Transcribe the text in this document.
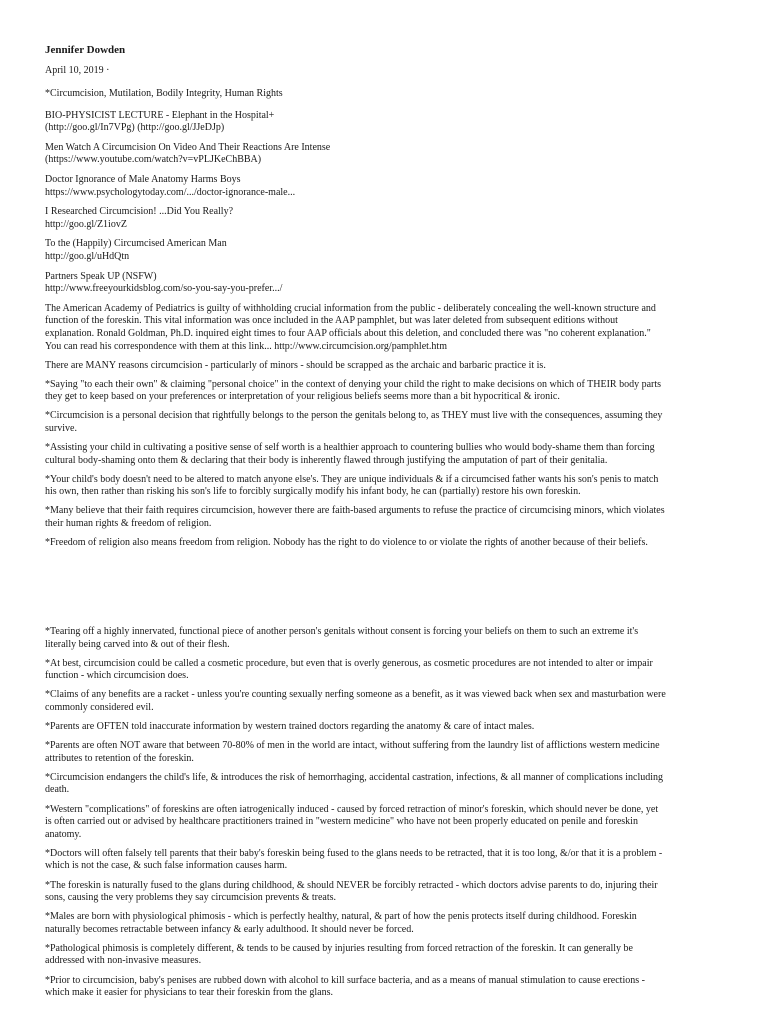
Jennifer Dowden
April 10, 2019 ·
*Circumcision, Mutilation, Bodily Integrity, Human Rights
BIO-PHYSICIST LECTURE - Elephant in the Hospital+
(http://goo.gl/In7VPg) (http://goo.gl/JJeDJp)
Men Watch A Circumcision On Video And Their Reactions Are Intense
(https://www.youtube.com/watch?v=vPLJKeChBBA)
Doctor Ignorance of Male Anatomy Harms Boys
https://www.psychologytoday.com/.../doctor-ignorance-male...
I Researched Circumcision! ...Did You Really?
http://goo.gl/Z1iovZ
To the (Happily) Circumcised American Man
http://goo.gl/uHdQtn
Partners Speak UP (NSFW)
http://www.freeyourkidsblog.com/so-you-say-you-prefer.../
The American Academy of Pediatrics is guilty of withholding crucial information from the public - deliberately concealing the well-known structure and
function of the foreskin. This vital information was once included in the AAP pamphlet, but was later deleted from subsequent editions without
explanation. Ronald Goldman, Ph.D. inquired eight times to four AAP officials about this deletion, and concluded there was "no coherent explanation."
You can read his correspondence with them at this link... http://www.circumcision.org/pamphlet.htm
There are MANY reasons circumcision - particularly of minors - should be scrapped as the archaic and barbaric practice it is.
*Saying "to each their own" & claiming "personal choice" in the context of denying your child the right to make decisions on which of THEIR body parts
they get to keep based on your preferences or interpretation of your religious beliefs seems more than a bit hypocritical & ironic.
*Circumcision is a personal decision that rightfully belongs to the person the genitals belong to, as THEY must live with the consequences, assuming they
survive.
*Assisting your child in cultivating a positive sense of self worth is a healthier approach to countering bullies who would body-shame them than forcing
cultural body-shaming onto them & declaring that their body is inherently flawed through justifying the amputation of part of their genitalia.
*Your child's body doesn't need to be altered to match anyone else's. They are unique individuals & if a circumcised father wants his son's penis to match
his own, then rather than risking his son's life to forcibly surgically modify his infant body, he can (partially) restore his own foreskin.
*Many believe that their faith requires circumcision, however there are faith-based arguments to refuse the practice of circumcising minors, which violates
their human rights & freedom of religion.
*Freedom of religion also means freedom from religion. Nobody has the right to do violence to or violate the rights of another because of their beliefs.
*Tearing off a highly innervated, functional piece of another person's genitals without consent is forcing your beliefs on them to such an extreme it's
literally being carved into & out of their flesh.
*At best, circumcision could be called a cosmetic procedure, but even that is overly generous, as cosmetic procedures are not intended to alter or impair
function - which circumcision does.
*Claims of any benefits are a racket - unless you're counting sexually nerfing someone as a benefit, as it was viewed back when sex and masturbation were
commonly considered evil.
*Parents are OFTEN told inaccurate information by western trained doctors regarding the anatomy & care of intact males.
*Parents are often NOT aware that between 70-80% of men in the world are intact, without suffering from the laundry list of afflictions western medicine
attributes to retention of the foreskin.
*Circumcision endangers the child's life, & introduces the risk of hemorrhaging, accidental castration, infections, & all manner of complications including
death.
*Western "complications" of foreskins are often iatrogenically induced - caused by forced retraction of minor's foreskin, which should never be done, yet
is often carried out or advised by healthcare practitioners trained in "western medicine" who have not been properly educated on penile and foreskin
anatomy.
*Doctors will often falsely tell parents that their baby's foreskin being fused to the glans needs to be retracted, that it is too long, &/or that it is a problem -
which is not the case, & such false information causes harm.
*The foreskin is naturally fused to the glans during childhood, & should NEVER be forcibly retracted - which doctors advise parents to do, injuring their
sons, causing the very problems they say circumcision prevents & treats.
*Males are born with physiological phimosis - which is perfectly healthy, natural, & part of how the penis protects itself during childhood. Foreskin
naturally becomes retractable between infancy & early adulthood. It should never be forced.
*Pathological phimosis is completely different, & tends to be caused by injuries resulting from forced retraction of the foreskin. It can generally be
addressed with non-invasive measures.
*Prior to circumcision, baby's penises are rubbed down with alcohol to kill surface bacteria, and as a means of manual stimulation to cause erections -
which make it easier for physicians to tear their foreskin from the glans.
